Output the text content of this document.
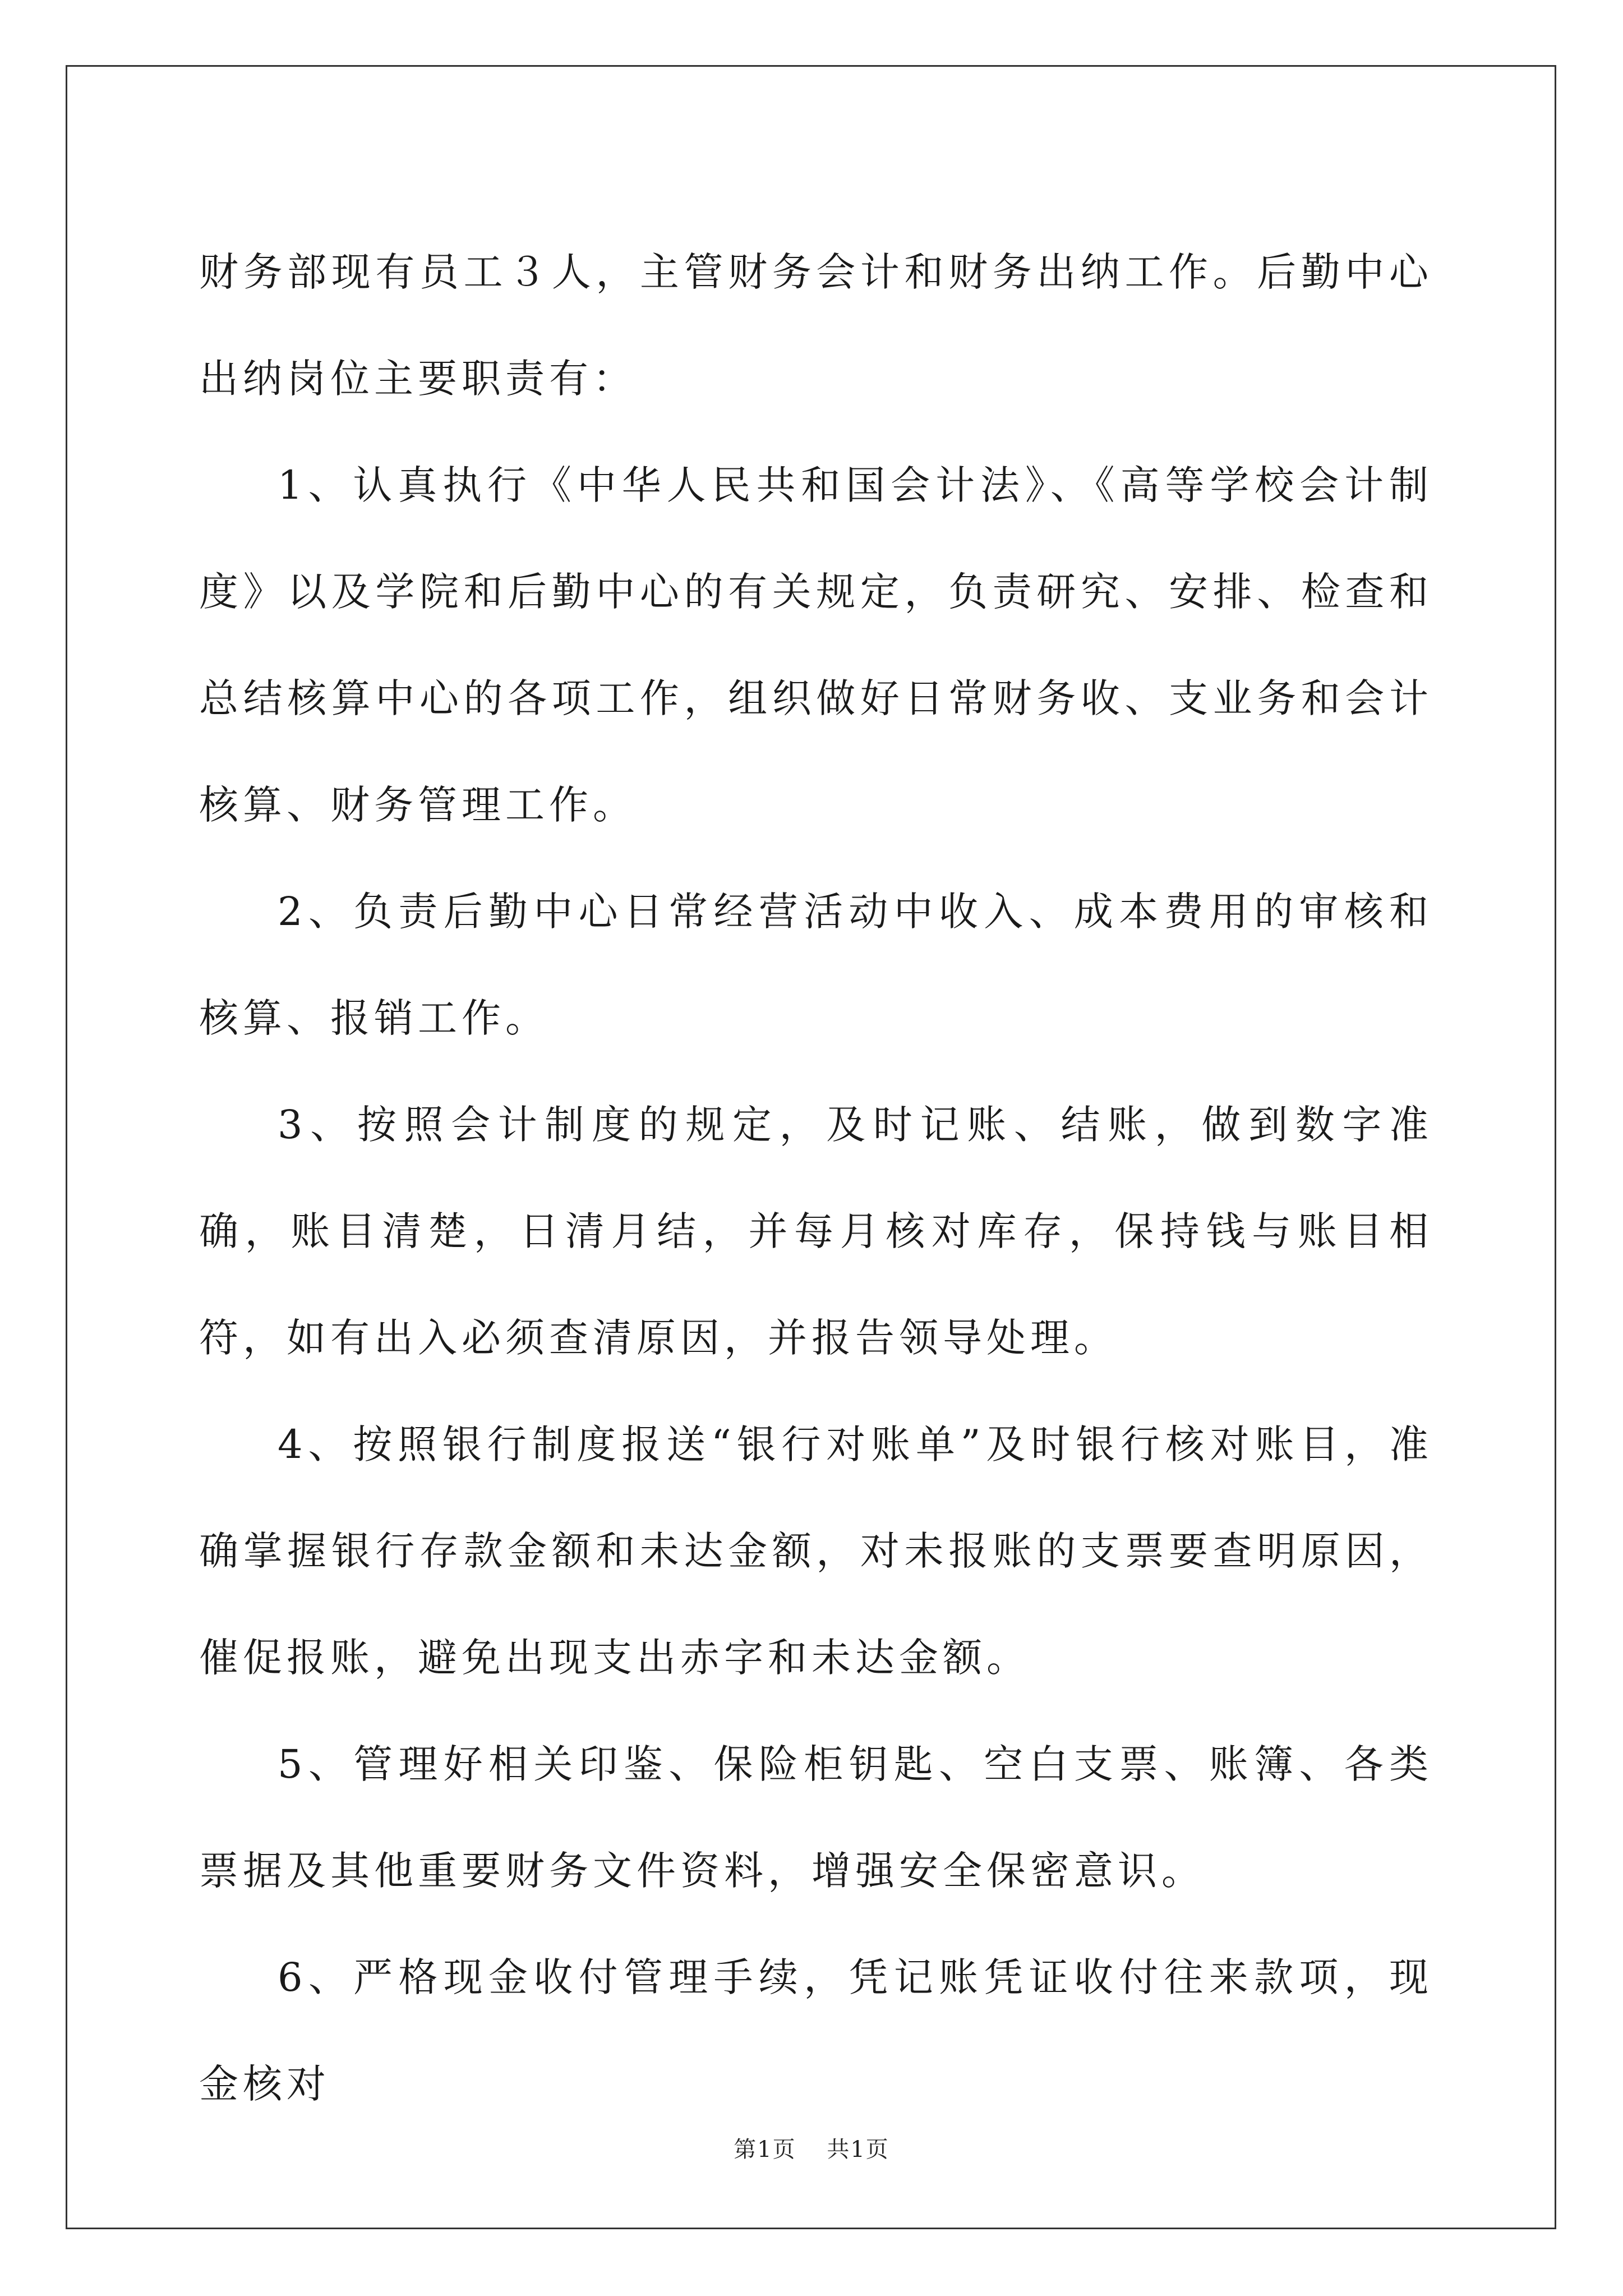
财务部现有员工３人，主管财务会计和财务出纳工作。后勤中心出纳岗位主要职责有：

1、认真执行《中华人民共和国会计法》、《高等学校会计制度》以及学院和后勤中心的有关规定，负责研究、安排、检查和总结核算中心的各项工作，组织做好日常财务收、支业务和会计核算、财务管理工作。

2、负责后勤中心日常经营活动中收入、成本费用的审核和核算、报销工作。

3、按照会计制度的规定，及时记账、结账，做到数字准确，账目清楚，日清月结，并每月核对库存，保持钱与账目相符，如有出入必须查清原因，并报告领导处理。

4、按照银行制度报送“银行对账单”及时银行核对账目，准确掌握银行存款金额和未达金额，对未报账的支票要查明原因，催促报账，避免出现支出赤字和未达金额。

5、管理好相关印鉴、保险柜钥匙、空白支票、账簿、各类票据及其他重要财务文件资料，增强安全保密意识。

6、严格现金收付管理手续，凭记账凭证收付往来款项，现金核对

第1页 共1页
